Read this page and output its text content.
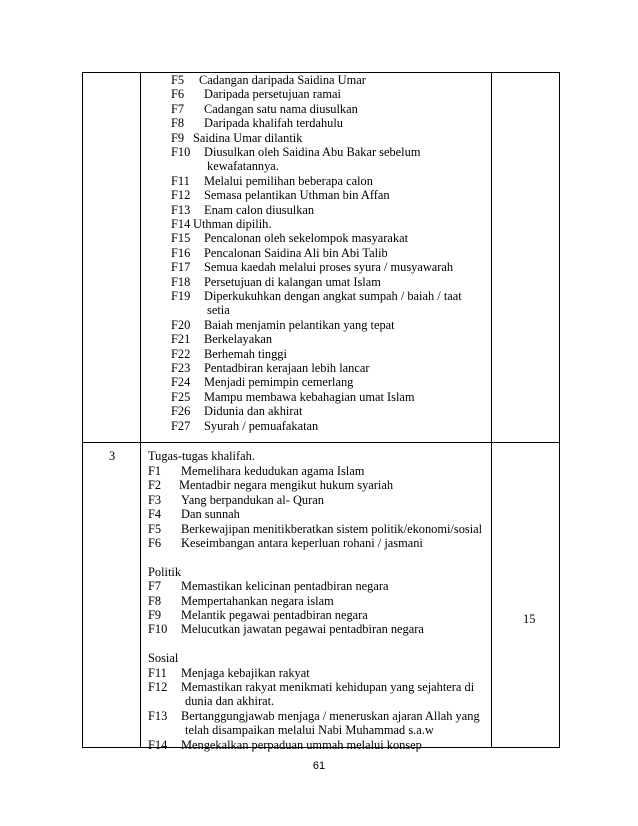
F5 Cadangan daripada Saidina Umar
F6 Daripada persetujuan ramai
F7 Cadangan satu nama diusulkan
F8 Daripada khalifah terdahulu
F9 Saidina Umar dilantik
F10 Diusulkan oleh Saidina Abu Bakar sebelum
kewafatannya.
F11 Melalui pemilihan beberapa calon
F12 Semasa pelantikan Uthman bin Affan
F13 Enam calon diusulkan
F14 Uthman dipilih.
F15 Pencalonan oleh sekelompok masyarakat
F16 Pencalonan Saidina Ali bin Abi Talib
F17 Semua kaedah melalui proses syura / musyawarah
F18 Persetujuan di kalangan umat Islam
F19 Diperkukuhkan dengan angkat sumpah / baiah / taat
setia
F20 Baiah menjamin pelantikan yang tepat
F21 Berkelayakan
F22 Berhemah tinggi
F23 Pentadbiran kerajaan lebih lancar
F24 Menjadi pemimpin cemerlang
F25 Mampu membawa kebahagian umat Islam
F26 Didunia dan akhirat
F27 Syurah / pemuafakatan
3	Tugas-tugas khalifah.
F1 Memelihara kedudukan agama Islam
F2 Mentadbir negara mengikut hukum syariah
F3 Yang berpandukan al- Quran
F4 Dan sunnah
F5 Berkewajipan menitikberatkan sistem politik/ekonomi/sosial
F6 Keseimbangan antara keperluan rohani / jasmani
Politik
F7 Memastikan kelicinan pentadbiran negara
F8 Mempertahankan negara islam
F9 Melantik pegawai pentadbiran negara
F10 Melucutkan jawatan pegawai pentadbiran negara
Sosial
F11 Menjaga kebajikan rakyat
F12 Memastikan rakyat menikmati kehidupan yang sejahtera di
dunia dan akhirat.
F13 Bertanggungjawab menjaga / meneruskan ajaran Allah yang
telah disampaikan melalui Nabi Muhammad s.a.w
F14 Mengekalkan perpaduan ummah melalui konsep
15
61
